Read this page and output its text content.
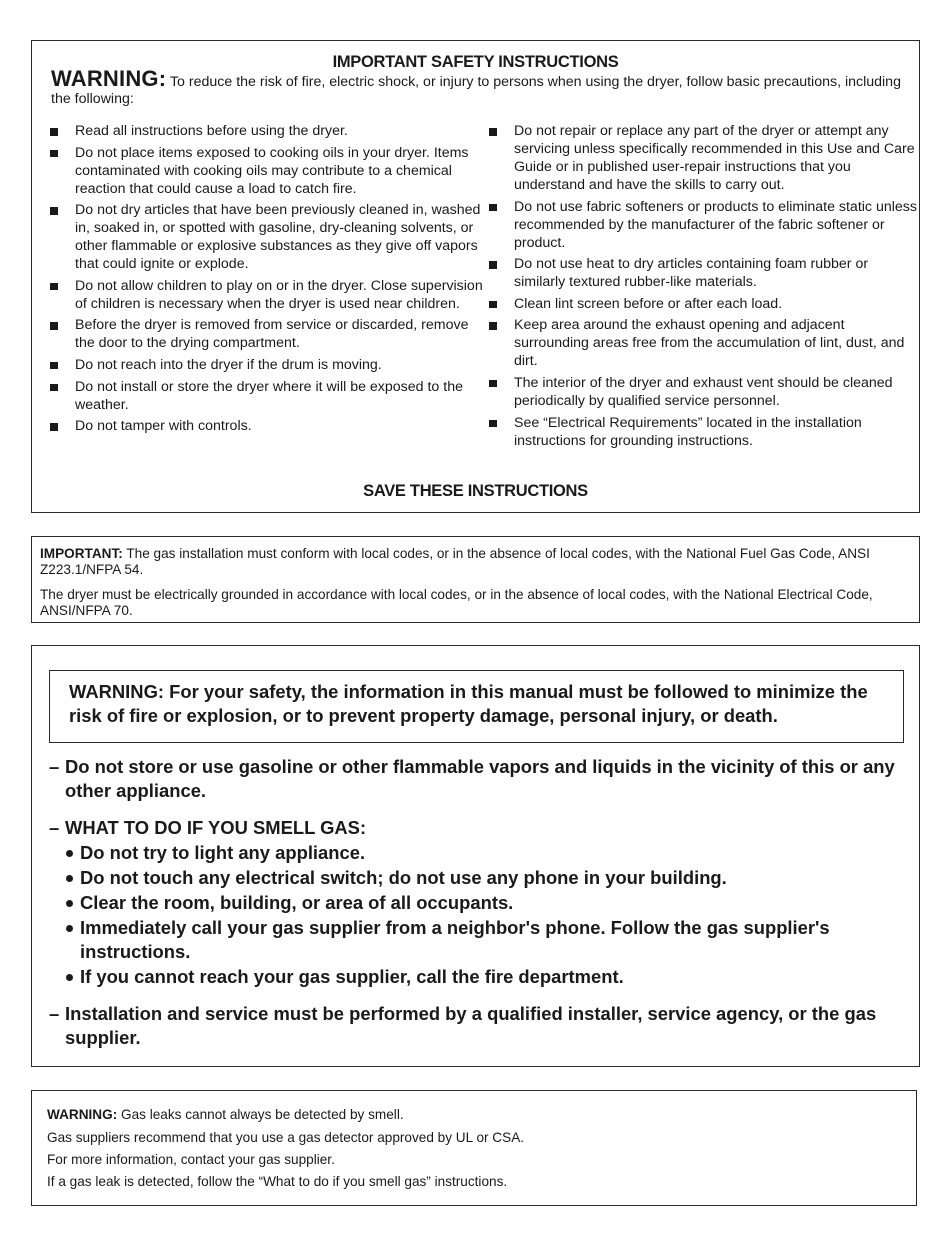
IMPORTANT SAFETY INSTRUCTIONS
WARNING: To reduce the risk of fire, electric shock, or injury to persons when using the dryer, follow basic precautions, including the following:
Read all instructions before using the dryer.
Do not place items exposed to cooking oils in your dryer. Items contaminated with cooking oils may contribute to a chemical reaction that could cause a load to catch fire.
Do not dry articles that have been previously cleaned in, washed in, soaked in, or spotted with gasoline, dry-cleaning solvents, or other flammable or explosive substances as they give off vapors that could ignite or explode.
Do not allow children to play on or in the dryer. Close supervision of children is necessary when the dryer is used near children.
Before the dryer is removed from service or discarded, remove the door to the drying compartment.
Do not reach into the dryer if the drum is moving.
Do not install or store the dryer where it will be exposed to the weather.
Do not tamper with controls.
Do not repair or replace any part of the dryer or attempt any servicing unless specifically recommended in this Use and Care Guide or in published user-repair instructions that you understand and have the skills to carry out.
Do not use fabric softeners or products to eliminate static unless recommended by the manufacturer of the fabric softener or product.
Do not use heat to dry articles containing foam rubber or similarly textured rubber-like materials.
Clean lint screen before or after each load.
Keep area around the exhaust opening and adjacent surrounding areas free from the accumulation of lint, dust, and dirt.
The interior of the dryer and exhaust vent should be cleaned periodically by qualified service personnel.
See “Electrical Requirements” located in the installation instructions for grounding instructions.
SAVE THESE INSTRUCTIONS

IMPORTANT: The gas installation must conform with local codes, or in the absence of local codes, with the National Fuel Gas Code, ANSI Z223.1/NFPA 54.

The dryer must be electrically grounded in accordance with local codes, or in the absence of local codes, with the National Electrical Code, ANSI/NFPA 70.

WARNING: For your safety, the information in this manual must be followed to minimize the risk of fire or explosion, or to prevent property damage, personal injury, or death.
– Do not store or use gasoline or other flammable vapors and liquids in the vicinity of this or any other appliance.
– WHAT TO DO IF YOU SMELL GAS:
Do not try to light any appliance.
Do not touch any electrical switch; do not use any phone in your building.
Clear the room, building, or area of all occupants.
Immediately call your gas supplier from a neighbor's phone. Follow the gas supplier's instructions.
If you cannot reach your gas supplier, call the fire department.
– Installation and service must be performed by a qualified installer, service agency, or the gas supplier.
WARNING: Gas leaks cannot always be detected by smell.
Gas suppliers recommend that you use a gas detector approved by UL or CSA.
For more information, contact your gas supplier.
If a gas leak is detected, follow the “What to do if you smell gas” instructions.
